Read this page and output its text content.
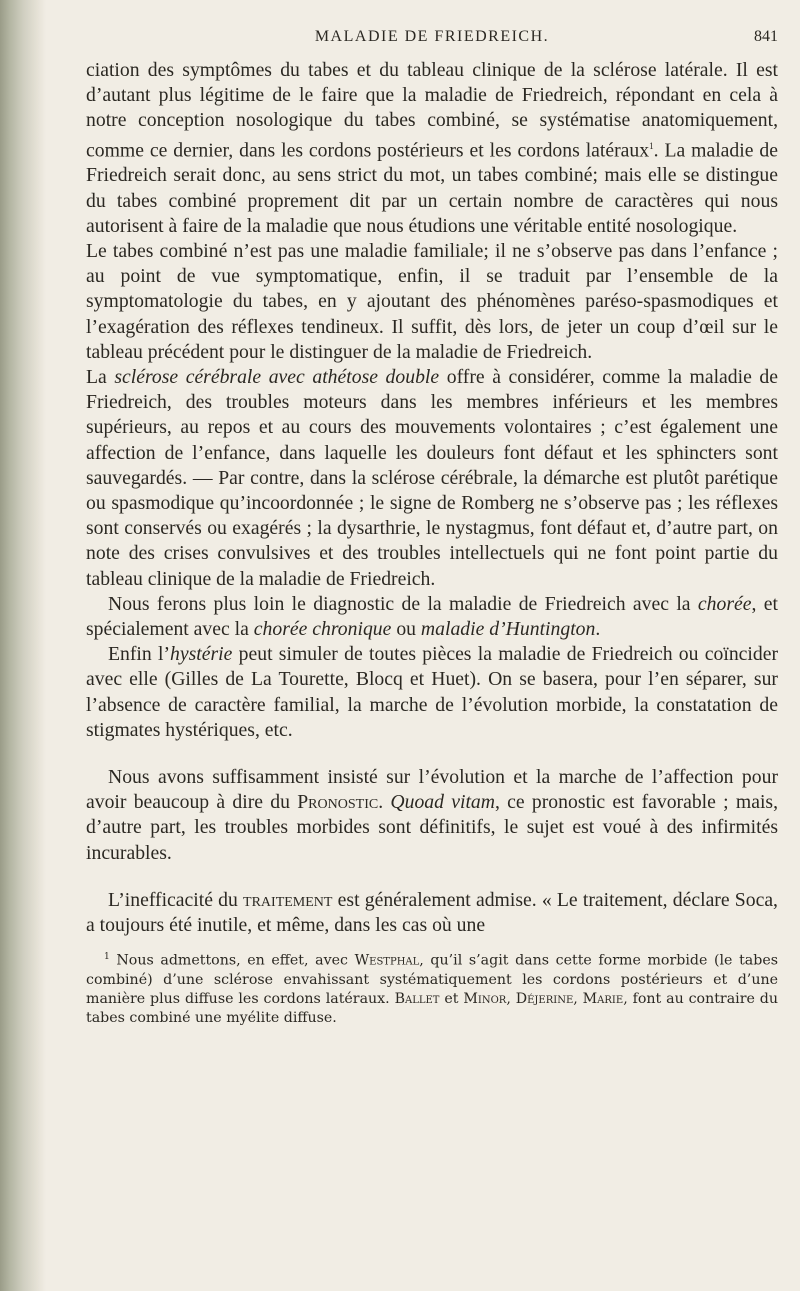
MALADIE DE FRIEDREICH.	841

ciation des symptômes du tabes et du tableau clinique de la sclérose latérale. Il est d’autant plus légitime de le faire que la maladie de Friedreich, répondant en cela à notre conception nosologique du tabes combiné, se systématise anatomiquement, comme ce dernier, dans les cordons postérieurs et les cordons latéraux$^1$. La maladie de Friedreich serait donc, au sens strict du mot, un tabes combiné; mais elle se distingue du tabes combiné proprement dit par un certain nombre de caractères qui nous autorisent à faire de la maladie que nous étudions une véritable entité nosologique.

Le tabes combiné n’est pas une maladie familiale; il ne s’observe pas dans l’enfance ; au point de vue symptomatique, enfin, il se traduit par l’ensemble de la symptomatologie du tabes, en y ajoutant des phénomènes paréso-spasmodiques et l’exagération des réflexes tendineux. Il suffit, dès lors, de jeter un coup d’œil sur le tableau précédent pour le distinguer de la maladie de Friedreich.

La sclérose cérébrale avec athétose double offre à considérer, comme la maladie de Friedreich, des troubles moteurs dans les membres inférieurs et les membres supérieurs, au repos et au cours des mouvements volontaires ; c’est également une affection de l’enfance, dans laquelle les douleurs font défaut et les sphincters sont sauvegardés. — Par contre, dans la sclérose cérébrale, la démarche est plutôt parétique ou spasmodique qu’incoordonnée ; le signe de Romberg ne s’observe pas ; les réflexes sont conservés ou exagérés ; la dysarthrie, le nystagmus, font défaut et, d’autre part, on note des crises convulsives et des troubles intellectuels qui ne font point partie du tableau clinique de la maladie de Friedreich.

Nous ferons plus loin le diagnostic de la maladie de Friedreich avec la chorée, et spécialement avec la chorée chronique ou maladie d’Huntington.

Enfin l’hystérie peut simuler de toutes pièces la maladie de Friedreich ou coïncider avec elle (Gilles de La Tourette, Blocq et Huet). On se basera, pour l’en séparer, sur l’absence de caractère familial, la marche de l’évolution morbide, la constatation de stigmates hystériques, etc.

Nous avons suffisamment insisté sur l’évolution et la marche de l’affection pour avoir beaucoup à dire du Pronostic. Quoad vitam, ce pronostic est favorable ; mais, d’autre part, les troubles morbides sont définitifs, le sujet est voué à des infirmités incurables.

L’inefficacité du traitement est généralement admise. « Le traitement, déclare Soca, a toujours été inutile, et même, dans les cas où une

$^1$ Nous admettons, en effet, avec Westphal, qu’il s’agit dans cette forme morbide (le tabes combiné) d’une sclérose envahissant systématiquement les cordons postérieurs et d’une manière plus diffuse les cordons latéraux. Ballet et Minor, Déjerine, Marie, font au contraire du tabes combiné une myélite diffuse.
